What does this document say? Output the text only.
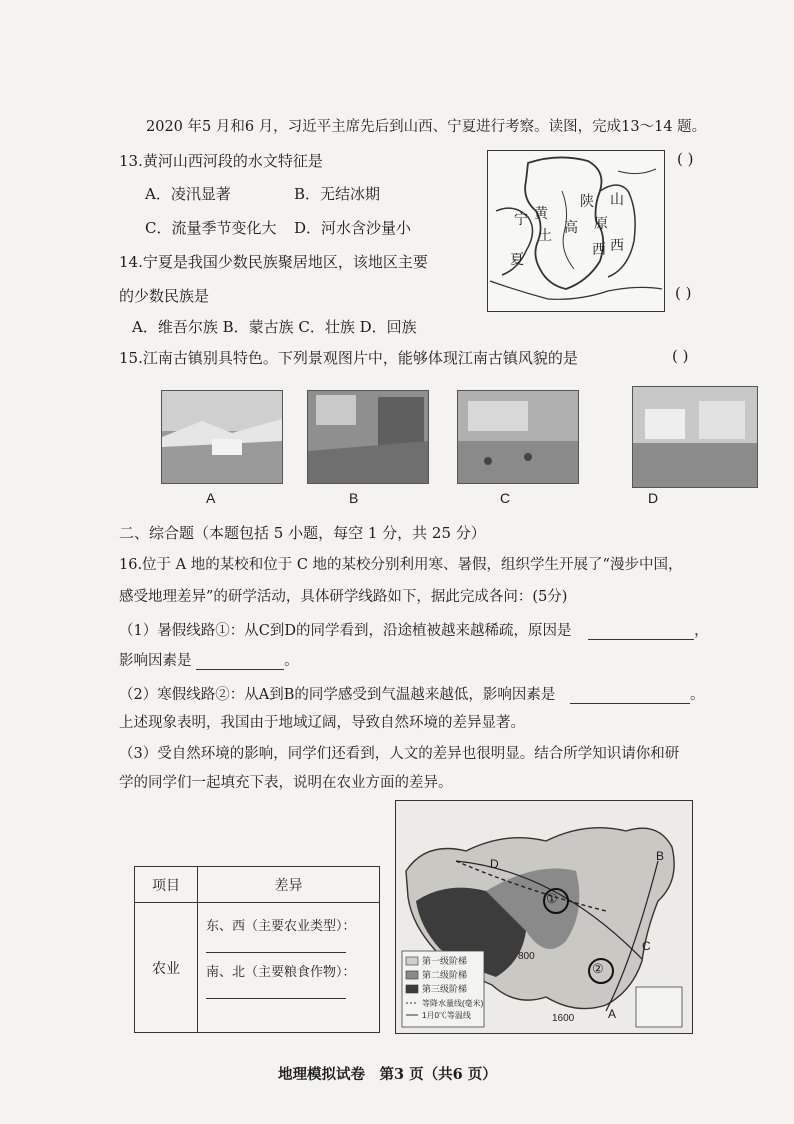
2020 年5 月和6 月，习近平主席先后到山西、宁夏进行考察。读图，完成13～14 题。
13.黄河山西河段的水文特征是	( )
A．凌汛显著	B．无结冰期
C．流量季节变化大 D．河水含沙量小
14.宁夏是我国少数民族聚居地区，该地区主要
的少数民族是	( )
A．维吾尔族 B．蒙古族 C．壮族 D．回族
宁
夏
黄
土 高 原
陕
西
山
西
15.江南古镇别具特色。下列景观图片中，能够体现江南古镇风貌的是	( )
A	B	C	D
二、综合题（本题包括 5 小题，每空 1 分，共 25 分）
16.位于 A 地的某校和位于 C 地的某校分别利用寒、暑假，组织学生开展了“漫步中国，
感受地理差异”的研学活动，具体研学线路如下，据此完成各问：(5分)
（1）暑假线路①：从C到D的同学看到，沿途植被越来越稀疏，原因是	，
影响因素是	。
（2）寒假线路②：从A到B的同学感受到气温越来越低，影响因素是	。
上述现象表明，我国由于地域辽阔，导致自然环境的差异显著。
（3）受自然环境的影响，同学们还看到，人文的差异也很明显。结合所学知识请你和研
学的同学们一起填充下表，说明在农业方面的差异。
项目	差异
农业	东、西（主要农业类型）：
南、北（主要粮食作物）：
①
②
B
C
D
A
800
1600
第一级阶梯
第二级阶梯
第三级阶梯
等降水量线(毫米)
1月0℃等温线
地理模拟试卷　第3 页（共6 页）
